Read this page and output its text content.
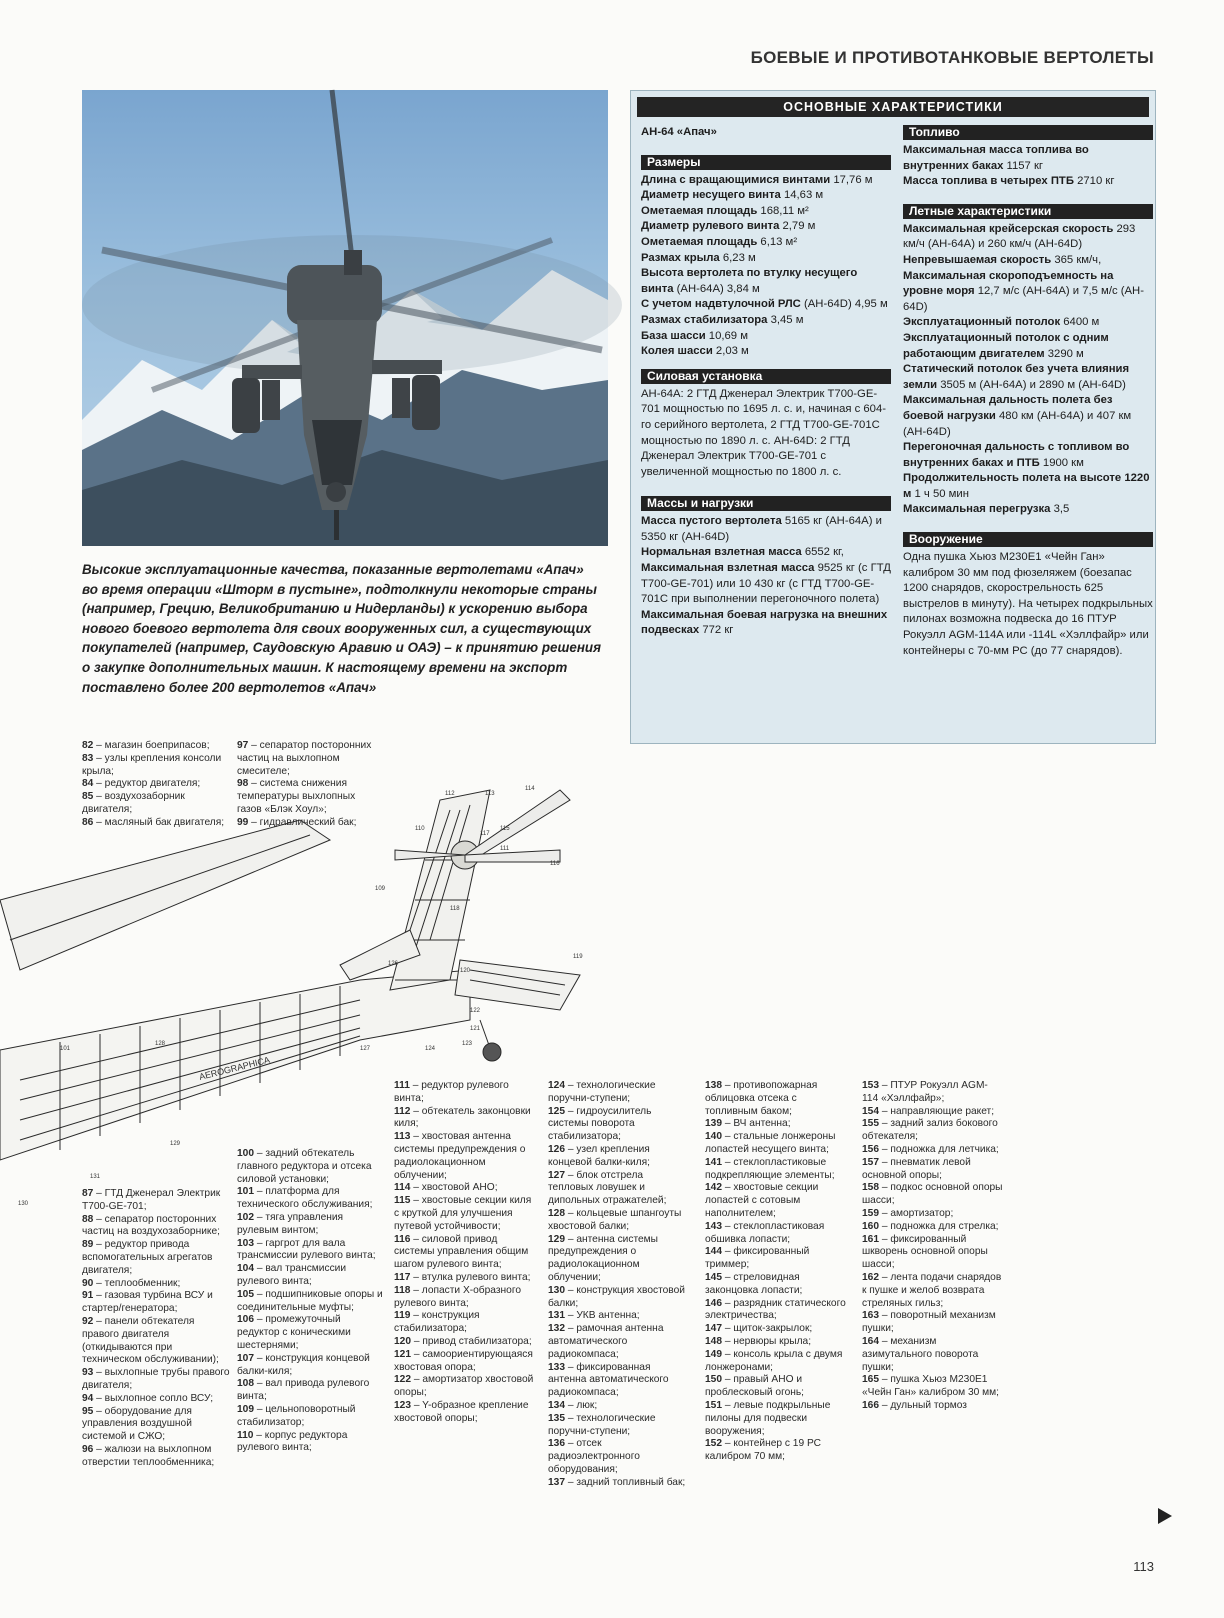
БОЕВЫЕ И ПРОТИВОТАНКОВЫЕ ВЕРТОЛЕТЫ
Высокие эксплуатационные качества, показанные вертолетами «Апач» во время операции «Шторм в пустыне», подтолкнули некоторые страны (например, Грецию, Великобританию и Нидерланды) к ускорению выбора нового боевого вертолета для своих вооруженных сил, а существующих покупателей (например, Саудовскую Аравию и ОАЭ) – к принятию решения о закупке дополнительных машин. К настоящему времени на экспорт поставлено более 200 вертолетов «Апач»
ОСНОВНЫЕ ХАРАКТЕРИСТИКИ

AH-64 «Апач»

Размеры

Длина с вращающимися винтами 17,76 м

Диаметр несущего винта 14,63 м

Ометаемая площадь 168,11 м²

Диаметр рулевого винта 2,79 м

Ометаемая площадь 6,13 м²

Размах крыла 6,23 м

Высота вертолета по втулку несущего винта (AH-64A) 3,84 м

С учетом надвтулочной РЛС (AH-64D) 4,95 м

Размах стабилизатора 3,45 м

База шасси 10,69 м

Колея шасси 2,03 м

Силовая установка

AH-64A: 2 ГТД Дженерал Электрик T700-GE-701 мощностью по 1695 л. с. и, начиная с 604-го серийного вертолета, 2 ГТД T700-GE-701C мощностью по 1890 л. с. AH-64D: 2 ГТД Дженерал Электрик T700-GE-701 с увеличенной мощностью по 1800 л. с.

Массы и нагрузки

Масса пустого вертолета 5165 кг (AH-64A) и 5350 кг (AH-64D)

Нормальная взлетная масса 6552 кг,

Максимальная взлетная масса 9525 кг (с ГТД T700-GE-701) или 10 430 кг (с ГТД T700-GE-701C при выполнении перегоночного полета)

Максимальная боевая нагрузка на внешних подвесках 772 кг

Топливо

Максимальная масса топлива во внутренних баках 1157 кг

Масса топлива в четырех ПТБ 2710 кг

Летные характеристики

Максимальная крейсерская скорость 293 км/ч (AH-64A) и 260 км/ч (AH-64D)

Непревышаемая скорость 365 км/ч,

Максимальная скороподъемность на уровне моря 12,7 м/с (AH-64A) и 7,5 м/с (AH-64D)

Эксплуатационный потолок 6400 м

Эксплуатационный потолок с одним работающим двигателем 3290 м

Статический потолок без учета влияния земли 3505 м (AH-64A) и 2890 м (AH-64D)

Максимальная дальность полета без боевой нагрузки 480 км (AH-64A) и 407 км (AH-64D)

Перегоночная дальность с топливом во внутренних баках и ПТБ 1900 км

Продолжительность полета на высоте 1220 м 1 ч 50 мин

Максимальная перегрузка 3,5

Вооружение

Одна пушка Хьюз M230E1 «Чейн Ган» калибром 30 мм под фюзеляжем (боезапас 1200 снарядов, скорострельность 625 выстрелов в минуту). На четырех подкрыльных пилонах возможна подвеска до 16 ПТУР Рокуэлл AGM-114A или -114L «Хэллфайр» или контейнеры с 70-мм РС (до 77 снарядов).

AEROGRAPHICA
112	113
114
111
117
115
110
116
109
118
119
120
121
122
123
124
126
127
128
129
101
131
130
82 – магазин боеприпасов;
83 – узлы крепления консоли крыла;
84 – редуктор двигателя;
85 – воздухозаборник двигателя;
86 – масляный бак двигателя;
97 – сепаратор посторонних частиц на выхлопном смесителе;
98 – система снижения температуры выхлопных газов «Блэк Хоул»;
99 – гидравлический бак;
87 – ГТД Дженерал Электрик T700-GE-701;
88 – сепаратор посторонних частиц на воздухозаборнике;
89 – редуктор привода вспомогательных агрегатов двигателя;
90 – теплообменник;
91 – газовая турбина ВСУ и стартер/генератора;
92 – панели обтекателя правого двигателя (откидываются при техническом обслуживании);
93 – выхлопные трубы правого двигателя;
94 – выхлопное сопло ВСУ;
95 – оборудование для управления воздушной системой и СЖО;
96 – жалюзи на выхлопном отверстии теплообменника;
100 – задний обтекатель главного редуктора и отсека силовой установки;
101 – платформа для технического обслуживания;
102 – тяга управления рулевым винтом;
103 – гаргрот для вала трансмиссии рулевого винта;
104 – вал трансмиссии рулевого винта;
105 – подшипниковые опоры и соединительные муфты;
106 – промежуточный редуктор с коническими шестернями;
107 – конструкция концевой балки-киля;
108 – вал привода рулевого винта;
109 – цельноповоротный стабилизатор;
110 – корпус редуктора рулевого винта;
111 – редуктор рулевого винта;
112 – обтекатель законцовки киля;
113 – хвостовая антенна системы предупреждения о радиолокационном облучении;
114 – хвостовой АНО;
115 – хвостовые секции киля с круткой для улучшения путевой устойчивости;
116 – силовой привод системы управления общим шагом рулевого винта;
117 – втулка рулевого винта;
118 – лопасти X-образного рулевого винта;
119 – конструкция стабилизатора;
120 – привод стабилизатора;
121 – самоориентирующаяся хвостовая опора;
122 – амортизатор хвостовой опоры;
123 – Y-образное крепление хвостовой опоры;
124 – технологические поручни-ступени;
125 – гидроусилитель системы поворота стабилизатора;
126 – узел крепления концевой балки-киля;
127 – блок отстрела тепловых ловушек и дипольных отражателей;
128 – кольцевые шпангоуты хвостовой балки;
129 – антенна системы предупреждения о радиолокационном облучении;
130 – конструкция хвостовой балки;
131 – УКВ антенна;
132 – рамочная антенна автоматического радиокомпаса;
133 – фиксированная антенна автоматического радиокомпаса;
134 – люк;
135 – технологические поручни-ступени;
136 – отсек радиоэлектронного оборудования;
137 – задний топливный бак;
138 – противопожарная облицовка отсека с топливным баком;
139 – ВЧ антенна;
140 – стальные лонжероны лопастей несущего винта;
141 – стеклопластиковые подкрепляющие элементы;
142 – хвостовые секции лопастей с сотовым наполнителем;
143 – стеклопластиковая обшивка лопасти;
144 – фиксированный триммер;
145 – стреловидная законцовка лопасти;
146 – разрядник статического электричества;
147 – щиток-закрылок;
148 – нервюры крыла;
149 – консоль крыла с двумя лонжеронами;
150 – правый АНО и проблесковый огонь;
151 – левые подкрыльные пилоны для подвески вооружения;
152 – контейнер с 19 РС калибром 70 мм;
153 – ПТУР Рокуэлл AGM-114 «Хэллфайр»;
154 – направляющие ракет;
155 – задний зализ бокового обтекателя;
156 – подножка для летчика;
157 – пневматик левой основной опоры;
158 – подкос основной опоры шасси;
159 – амортизатор;
160 – подножка для стрелка;
161 – фиксированный шкворень основной опоры шасси;
162 – лента подачи снарядов к пушке и желоб возврата стреляных гильз;
163 – поворотный механизм пушки;
164 – механизм азимутального поворота пушки;
165 – пушка Хьюз M230E1 «Чейн Ган» калибром 30 мм;
166 – дульный тормоз
113
